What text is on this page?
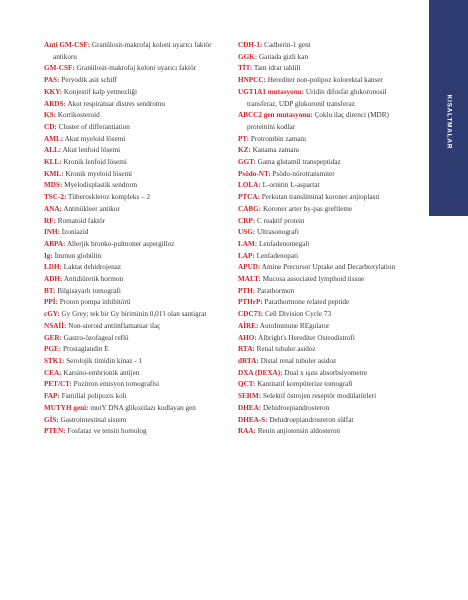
KISALTMALAR
Anti GM-CSF: Granülosit-makrofaj koloni uyarıcı faktör antikoru
GM-CSF: Granülosit-makrofaj koloni uyarıcı faktör
PAS: Peryodik asit schiff
KKY: Konjestif kalp yetmezliği
ARDS: Akut respiratuar distres sendromu
KS: Kortikosteroid
CD: Cluster of differantiation
AML: Akut myeloid lösemi
ALL: Akut lenfoid lösemi
KLL: Kronik lenfoid lösemi
KML: Kronik myeloid lösemi
MDS: Myelodisplastik sendrom
TSC-2: Tüberoskleroz kompleks – 2
ANA: Antinükleer antikor
RF: Romatoid faktör
INH: İzoniazid
ABPA: Allerjik bronko-pulmoner aspergilloz
Ig: İmmun globülin
LDH: Laktat dehidrojenaz
ADH: Antidiüretik hormon
BT: Bilgisayarlı tomografi
PPİ: Proton pompa inhibitörü
cGY: Gy Grey; tek bir Gy biriminin 0,01'i olan santigrat
NSAİİ: Non-steroid antiinflamatuar ilaç
GER: Gastro-özofageal reflü
PGE: Prostaglandin E
STK1: Serolojik timidin kinaz - 1
CEA: Karsino-embrionik antijen
PET/CT: Pozitron emisyon tomografisi
FAP: Familial polipozis koli
MUTYH geni: mutY DNA glikozilazı kodlayan gen
GİS: Gastrointestinal sistem
PTEN: Fosfataz ve tensin homolog
CDH-1: Cadherin-1 geni
GGK: Gaitada gizli kan
TİT: Tam idrar tahlili
HNPCC: Herediter non-polipoz kolorektal kanser
UGT1A1 mutasyonu: Uridin difosfat glukoronosil transferaz, UDP glukuronil transferaz
ABCC2 gen mutasyonu: Çoklu ilaç direnci (MDR) proteinini kodlar
PT: Protrombin zamanı
KZ: Kanama zamanı
GGT: Gama glutamil transpeptidaz
Psödo-NT: Psödo-nörotransmiter
LOLA: L-ornitin L-aspartat
PTCA: Perkutan transliminal koroner anjioplasti
CABG: Koroner arter by-pas greftleme
CRP: C reaktif protein
USG: Ultrasonografi
LAM: Lenfadenomegali
LAP: Lenfadenopati
APUD: Amine Precursor Uptake and Decarboxylation
MALT: Mucosa associated lymphoid tissue
PTH: Parathormon
PTHrP: Parathormone related peptide
CDC73: Cell Division Cycle 73
AİRE: AutoImmune REgulator
AHO: Albright's Herediter Osteodistrofi
RTA: Renal tubuler asidoz
dRTA: Distal renal tubuler asidoz
DXA (DEXA): Dual x ışını absorbsiyometre
QCT: Kantitatif kompüterize tomografi
SERM: Selektif östrojen reseptör modülatörleri
DHEA: Dehidroepiandrosteron
DHEA-S: Dehidroepiandrosteron sülfat
RAA: Renin anjiotensin aldosteron
